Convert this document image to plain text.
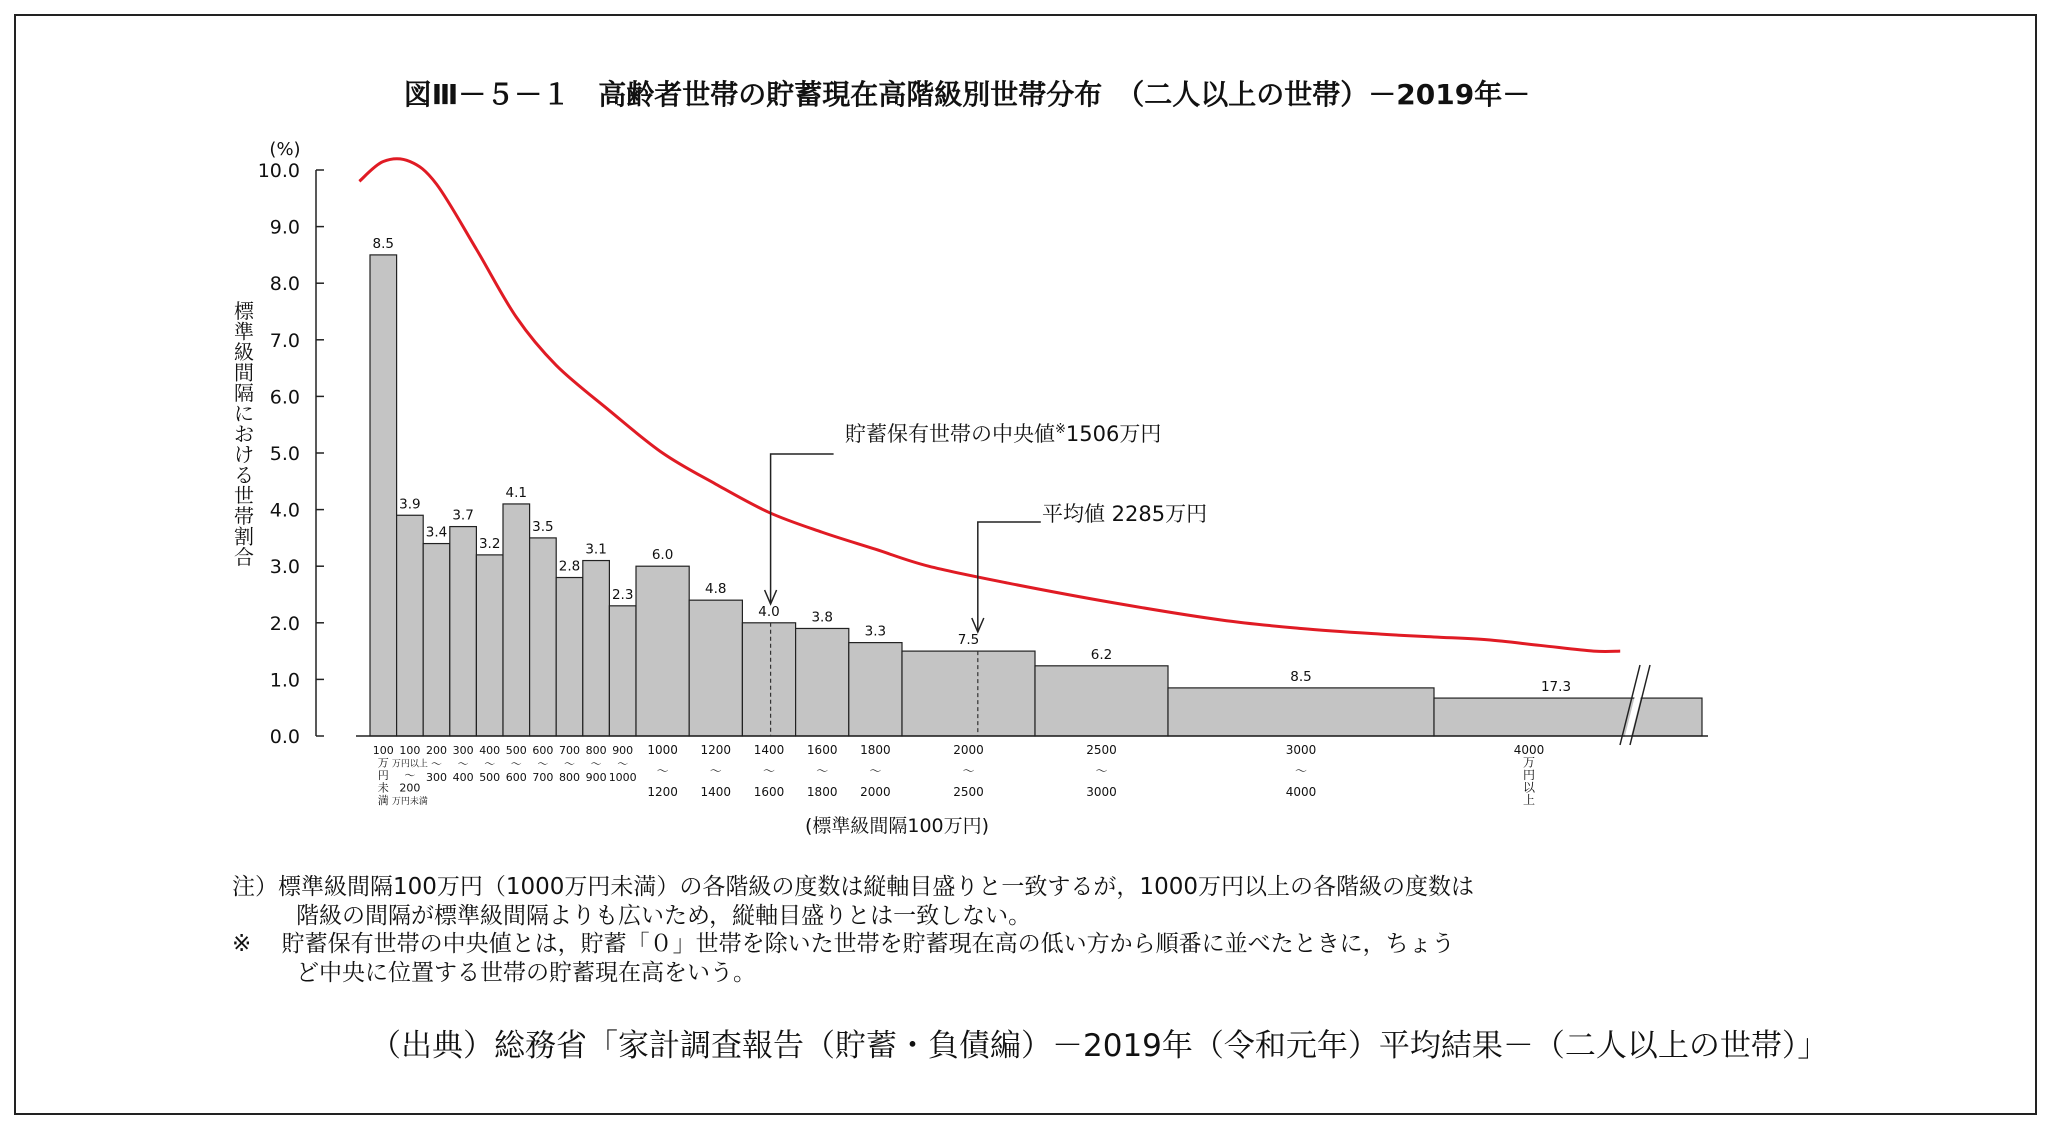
図Ⅲ－５－１　高齢者世帯の貯蓄現在高階級別世帯分布　（二人以上の世帯）－2019年－
(%)
標準級間隔における世帯割合
0.0
1.0
2.0
3.0
4.0
5.0
6.0
7.0
8.0
9.0
10.0
8.5
3.9
3.4
3.7
3.2
4.1
3.5
2.8
3.1
2.3
6.0
4.8
4.0 3.8
3.3
7.5
6.2
8.5
17.3
100 万円未満
100 万円以上～ 200 万円未満
200 ～ 300
300 ～ 400
400 ～ 500
500 ～ 600
600 ～ 700
700 ～ 800
800 ～ 900
900 ～ 1000
1000 ～ 1200
1200 ～ 1400
1400 ～ 1600
1600 ～ 1800
1800 ～ 2000
2000 ～ 2500
2500 ～ 3000
3000 ～ 4000
4000 万円以上
貯蓄保有世帯の中央値※1506万円
平均値 2285万円
(標準級間隔100万円)
注）標準級間隔100万円（1000万円未満）の各階級の度数は縦軸目盛りと一致するが，1000万円以上の各階級の度数は
階級の間隔が標準級間隔よりも広いため，縦軸目盛りとは一致しない。
※　 貯蓄保有世帯の中央値とは，貯蓄「０」世帯を除いた世帯を貯蓄現在高の低い方から順番に並べたときに，ちょう
ど中央に位置する世帯の貯蓄現在高をいう。
（出典）総務省「家計調査報告（貯蓄・負債編）－2019年（令和元年）平均結果－（二人以上の世帯）」
